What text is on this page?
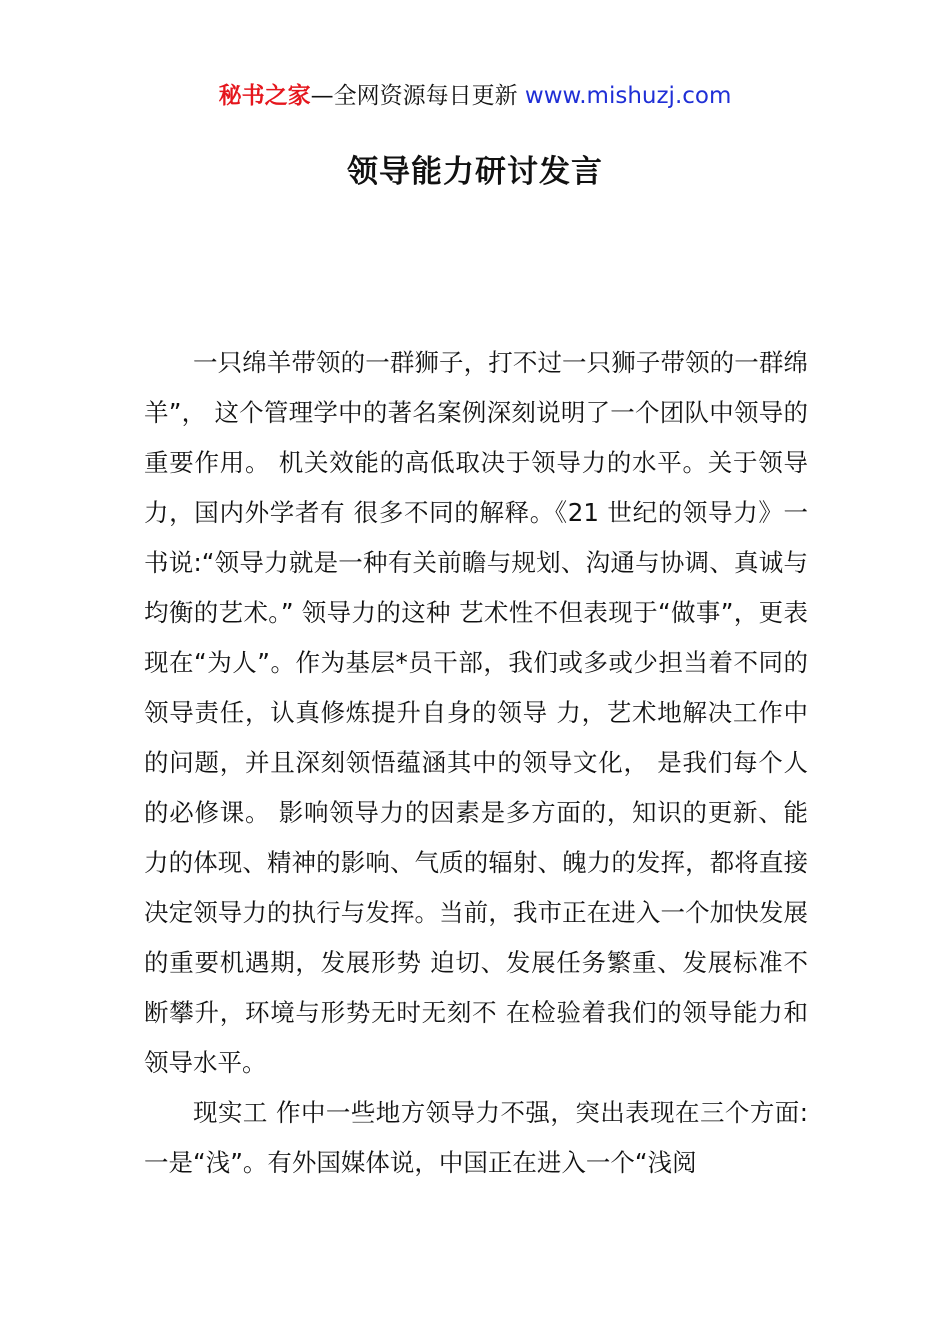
秘书之家—全网资源每日更新 www.mishuzj.com
领导能力研讨发言

一只绵羊带领的一群狮子，打不过一只狮子带领的一群绵羊”， 这个管理学中的著名案例深刻说明了一个团队中领导的重要作用。 机关效能的高低取决于领导力的水平。关于领导力，国内外学者有 很多不同的解释。《21 世纪的领导力》一书说:“领导力就是一种有关前瞻与规划、沟通与协调、真诚与均衡的艺术。” 领导力的这种 艺术性不但表现于“做事”，更表现在“为人”。作为基层*员干部，我们或多或少担当着不同的领导责任，认真修炼提升自身的领导 力，艺术地解决工作中的问题，并且深刻领悟蕴涵其中的领导文化， 是我们每个人的必修课。 影响领导力的因素是多方面的，知识的更新、能力的体现、精神的影响、气质的辐射、魄力的发挥，都将直接决定领导力的执行与发挥。当前，我市正在进入一个加快发展的重要机遇期，发展形势 迫切、发展任务繁重、发展标准不断攀升，环境与形势无时无刻不 在检验着我们的领导能力和领导水平。

现实工 作中一些地方领导力不强，突出表现在三个方面: 一是“浅”。有外国媒体说，中国正在进入一个“浅阅
